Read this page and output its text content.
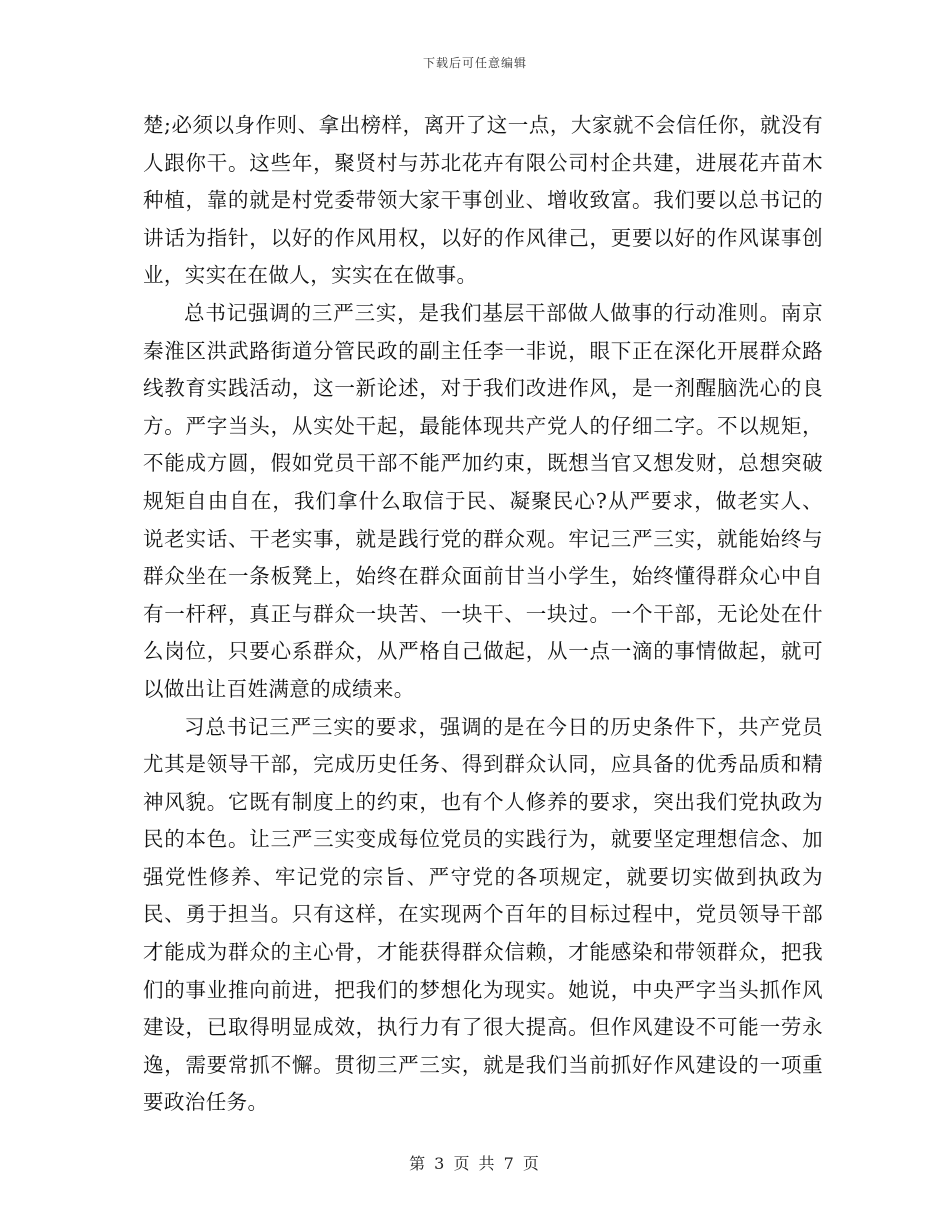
下载后可任意编辑

楚;必须以身作则、拿出榜样，离开了这一点，大家就不会信任你，就没有人跟你干。这些年，聚贤村与苏北花卉有限公司村企共建，进展花卉苗木种植，靠的就是村党委带领大家干事创业、增收致富。我们要以总书记的讲话为指针，以好的作风用权，以好的作风律己，更要以好的作风谋事创业，实实在在做人，实实在在做事。

总书记强调的三严三实，是我们基层干部做人做事的行动准则。南京秦淮区洪武路街道分管民政的副主任李一非说，眼下正在深化开展群众路线教育实践活动，这一新论述，对于我们改进作风，是一剂醒脑洗心的良方。严字当头，从实处干起，最能体现共产党人的仔细二字。不以规矩，不能成方圆，假如党员干部不能严加约束，既想当官又想发财，总想突破规矩自由自在，我们拿什么取信于民、凝聚民心?从严要求，做老实人、说老实话、干老实事，就是践行党的群众观。牢记三严三实，就能始终与群众坐在一条板凳上，始终在群众面前甘当小学生，始终懂得群众心中自有一杆秤，真正与群众一块苦、一块干、一块过。一个干部，无论处在什么岗位，只要心系群众，从严格自己做起，从一点一滴的事情做起，就可以做出让百姓满意的成绩来。

习总书记三严三实的要求，强调的是在今日的历史条件下，共产党员尤其是领导干部，完成历史任务、得到群众认同，应具备的优秀品质和精神风貌。它既有制度上的约束，也有个人修养的要求，突出我们党执政为民的本色。让三严三实变成每位党员的实践行为，就要坚定理想信念、加强党性修养、牢记党的宗旨、严守党的各项规定，就要切实做到执政为民、勇于担当。只有这样，在实现两个百年的目标过程中，党员领导干部才能成为群众的主心骨，才能获得群众信赖，才能感染和带领群众，把我们的事业推向前进，把我们的梦想化为现实。她说，中央严字当头抓作风建设，已取得明显成效，执行力有了很大提高。但作风建设不可能一劳永逸，需要常抓不懈。贯彻三严三实，就是我们当前抓好作风建设的一项重要政治任务。

第 3 页 共 7 页
